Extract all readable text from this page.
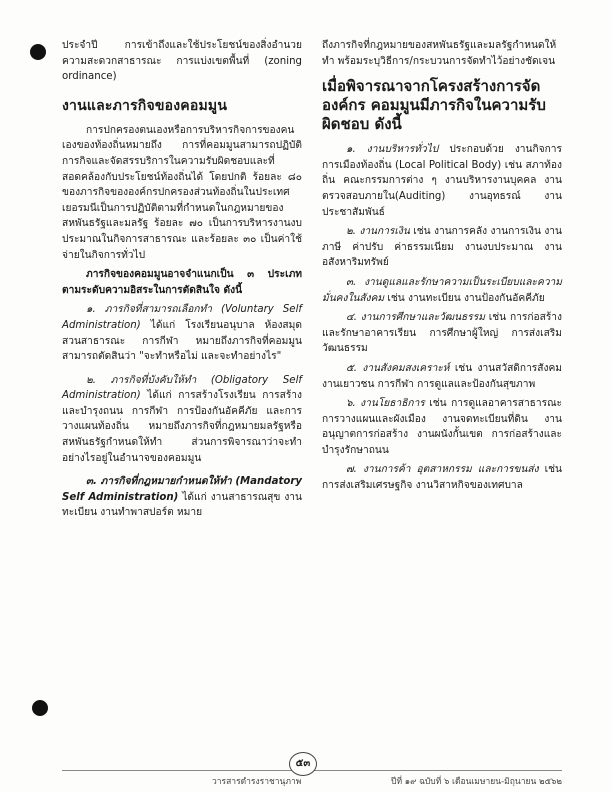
ประจำปี การเข้าถึงและใช้ประโยชน์ของสิ่งอำนวยความสะดวกสาธารณะ การแบ่งเขตพื้นที่ (zoning ordinance)

งานและภารกิจของคอมมูน

การปกครองตนเองหรือการบริหารกิจการของคนเองของท้องถิ่นหมายถึง การที่คอมมูนสามารถปฏิบัติการกิจและจัดสรรบริการในความรับผิดชอบและที่สอดคล้องกับประโยชน์ท้องถิ่นได้ โดยปกติ ร้อยละ ๘๐ ของภารกิจขององค์กรปกครองส่วนท้องถิ่นในประเทศเยอรมนีเป็นการปฏิบัติตามที่กำหนดในกฎหมายของสหพันธรัฐและมลรัฐ ร้อยละ ๗๐ เป็นการบริหารงานงบประมาณในกิจการสาธารณะ และร้อยละ ๓๐ เป็นค่าใช้จ่ายในกิจการทั่วไป

ภารกิจของคอมมูนอาจจำแนกเป็น ๓ ประเภท ตามระดับความอิสระในการตัดสินใจ ดังนี้

๑. ภารกิจที่สามารถเลือกทำ (Voluntary Self Administration) ได้แก่ โรงเรียนอนุบาล ห้องสมุด สวนสาธารณะ การกีฬา หมายถึงภารกิจที่คอมมูนสามารถตัดสินว่า "จะทำหรือไม่ และจะทำอย่างไร"

๒. ภารกิจที่บังคับให้ทำ (Obligatory Self Administration) ได้แก่ การสร้างโรงเรียน การสร้างและบำรุงถนน การกีฬา การป้องกันอัคคีภัย และการวางแผนท้องถิ่น หมายถึงภารกิจที่กฎหมายมลรัฐหรือสหพันธรัฐกำหนดให้ทำ ส่วนการพิจารณาว่าจะทำอย่างไรอยู่ในอำนาจของคอมมูน

๓. ภารกิจที่กฎหมายกำหนดให้ทำ (Mandatory Self Administration) ได้แก่ งานสาธารณสุข งานทะเบียน งานทำพาสปอร์ต หมาย

ถึงภารกิจที่กฎหมายของสหพันธรัฐและมลรัฐกำหนดให้ทำ พร้อมระบุวิธีการ/กระบวนการจัดทำไว้อย่างชัดเจน

เมื่อพิจารณาจากโครงสร้างการจัดองค์กร คอมมูนมีภารกิจในความรับผิดชอบ ดังนี้

๑. งานบริหารทั่วไป ประกอบด้วย งานกิจการการเมืองท้องถิ่น (Local Political Body) เช่น สภาท้องถิ่น คณะกรรมการต่าง ๆ งานบริหารงานบุคคล งานตรวจสอบภายใน(Auditing) งานอุทธรณ์ งานประชาสัมพันธ์

๒. งานการเงิน เช่น งานการคลัง งานการเงิน งานภาษี ค่าปรับ ค่าธรรมเนียม งานงบประมาณ งานอสังหาริมทรัพย์

๓. งานดูแลและรักษาความเป็นระเบียบและความมั่นคงในสังคม เช่น งานทะเบียน งานป้องกันอัคคีภัย

๔. งานการศึกษาและวัฒนธรรม เช่น การก่อสร้างและรักษาอาคารเรียน การศึกษาผู้ใหญ่ การส่งเสริมวัฒนธรรม

๕. งานสังคมสงเคราะห์ เช่น งานสวัสดิการสังคม งานเยาวชน การกีฬา การดูแลและป้องกันสุขภาพ

๖. งานโยธาธิการ เช่น การดูแลอาคารสาธารณะ การวางแผนและผังเมือง งานจดทะเบียนที่ดิน งานอนุญาตการก่อสร้าง งานผนังกั้นเขต การก่อสร้างและบำรุงรักษาถนน

๗. งานการค้า อุตสาหกรรม และการขนส่ง เช่น การส่งเสริมเศรษฐกิจ งานวิสาหกิจของเทศบาล

๕๓
วารสารดำรงราชานุภาพ	ปีที่ ๑๙ ฉบับที่ ๖ เดือนเมษายน-มิถุนายน ๒๕๖๒
